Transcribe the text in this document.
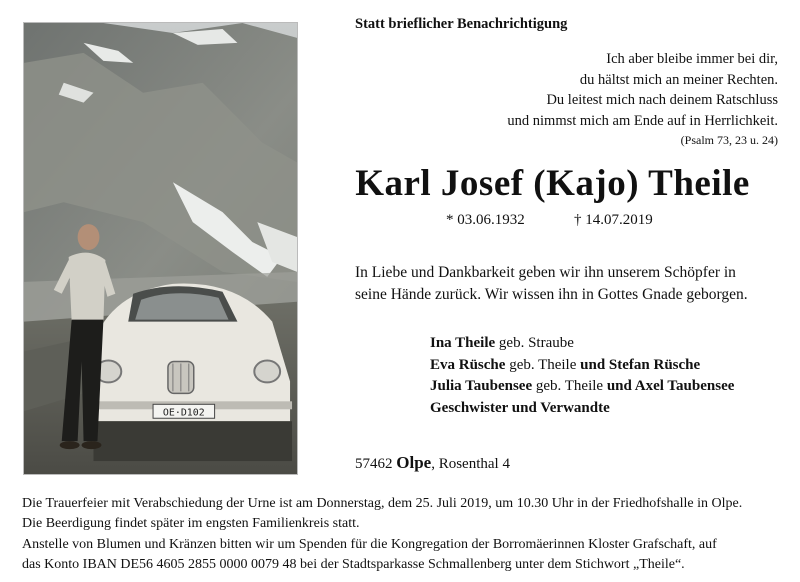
OE·D102
Statt brieflicher Benachrichtigung
Ich aber bleibe immer bei dir,
du hältst mich an meiner Rechten.
Du leitest mich nach deinem Ratschluss
und nimmst mich am Ende auf in Herrlichkeit.
(Psalm 73, 23 u. 24)
Karl Josef (Kajo) Theile
* 03.06.1932	† 14.07.2019
In Liebe und Dankbarkeit geben wir ihn unserem Schöpfer in
seine Hände zurück. Wir wissen ihn in Gottes Gnade geborgen.
Ina Theile geb. Straube
Eva Rüsche geb. Theile und Stefan Rüsche
Julia Taubensee geb. Theile und Axel Taubensee
Geschwister und Verwandte
57462 Olpe, Rosenthal 4
Die Trauerfeier mit Verabschiedung der Urne ist am Donnerstag, dem 25. Juli 2019, um 10.30 Uhr in der Friedhofshalle in Olpe.
Die Beerdigung findet später im engsten Familienkreis statt.
Anstelle von Blumen und Kränzen bitten wir um Spenden für die Kongregation der Borromäerinnen Kloster Grafschaft, auf
das Konto IBAN DE56 4605 2855 0000 0079 48 bei der Stadtsparkasse Schmallenberg unter dem Stichwort „Theile“.
